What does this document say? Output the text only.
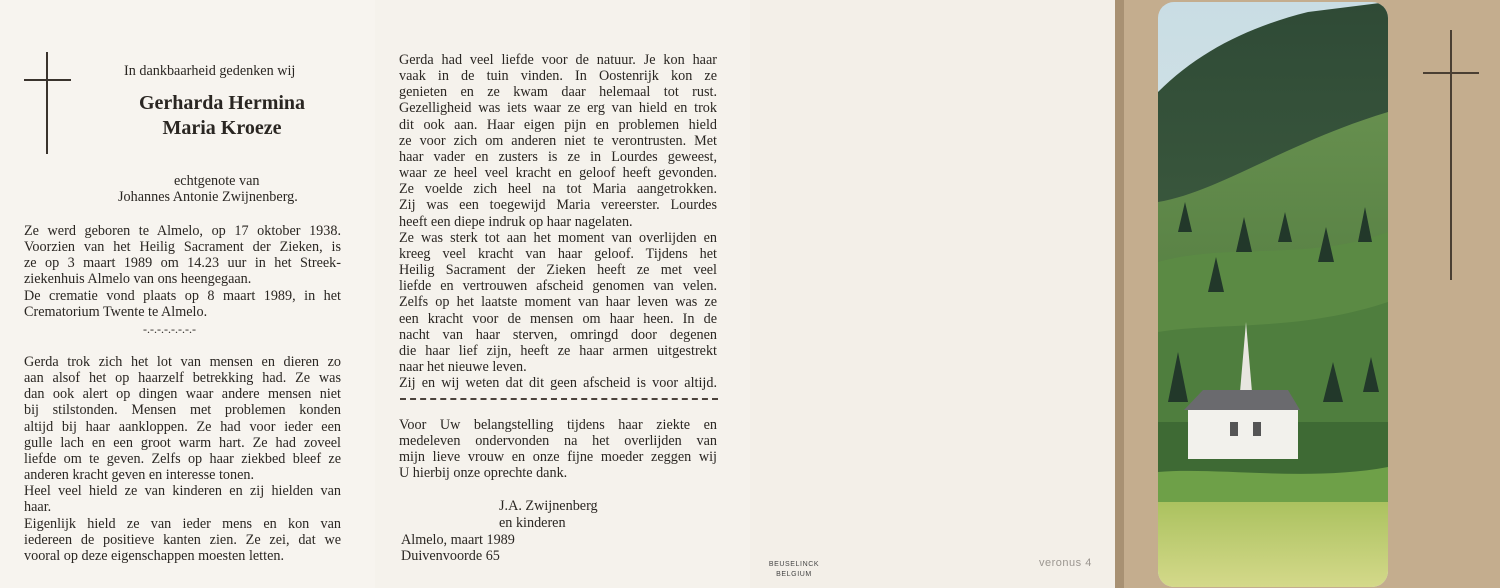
In dankbaarheid gedenken wij
Gerharda Hermina
Maria Kroeze
echtgenote van
Johannes Antonie Zwijnenberg.
Ze werd geboren te Almelo, op 17 oktober 1938.
Voorzien van het Heilig Sacrament der Zieken, is
ze op 3 maart 1989 om 14.23 uur in het Streek-
ziekenhuis Almelo van ons heengegaan.
De crematie vond plaats op 8 maart 1989, in het
Crematorium Twente te Almelo.
-.-.-.-.-.-.-.-
Gerda trok zich het lot van mensen en dieren zo
aan alsof het op haarzelf betrekking had. Ze was
dan ook alert op dingen waar andere mensen niet
bij stilstonden. Mensen met problemen konden
altijd bij haar aankloppen. Ze had voor ieder een
gulle lach en een groot warm hart. Ze had zoveel
liefde om te geven. Zelfs op haar ziekbed bleef ze
anderen kracht geven en interesse tonen.
Heel veel hield ze van kinderen en zij hielden van
haar.
Eigenlijk hield ze van ieder mens en kon van
iedereen de positieve kanten zien. Ze zei, dat we
vooral op deze eigenschappen moesten letten.
Gerda had veel liefde voor de natuur. Je kon haar
vaak in de tuin vinden. In Oostenrijk kon ze
genieten en ze kwam daar helemaal tot rust.
Gezelligheid was iets waar ze erg van hield en trok
dit ook aan. Haar eigen pijn en problemen hield
ze voor zich om anderen niet te verontrusten. Met
haar vader en zusters is ze in Lourdes geweest,
waar ze heel veel kracht en geloof heeft gevonden.
Ze voelde zich heel na tot Maria aangetrokken.
Zij was een toegewijd Maria vereerster. Lourdes
heeft een diepe indruk op haar nagelaten.
Ze was sterk tot aan het moment van overlijden en
kreeg veel kracht van haar geloof. Tijdens het
Heilig Sacrament der Zieken heeft ze met veel
liefde en vertrouwen afscheid genomen van velen.
Zelfs op het laatste moment van haar leven was ze
een kracht voor de mensen om haar heen. In de
nacht van haar sterven, omringd door degenen
die haar lief zijn, heeft ze haar armen uitgestrekt
naar het nieuwe leven.
Zij en wij weten dat dit geen afscheid is voor altijd.
Voor Uw belangstelling tijdens haar ziekte en
medeleven ondervonden na het overlijden van
mijn lieve vrouw en onze fijne moeder zeggen wij
U hierbij onze oprechte dank.
J.A. Zwijnenberg
en kinderen
Almelo, maart 1989
Duivenvoorde 65
BEUSELINCK
BELGIUM
veronus 4
